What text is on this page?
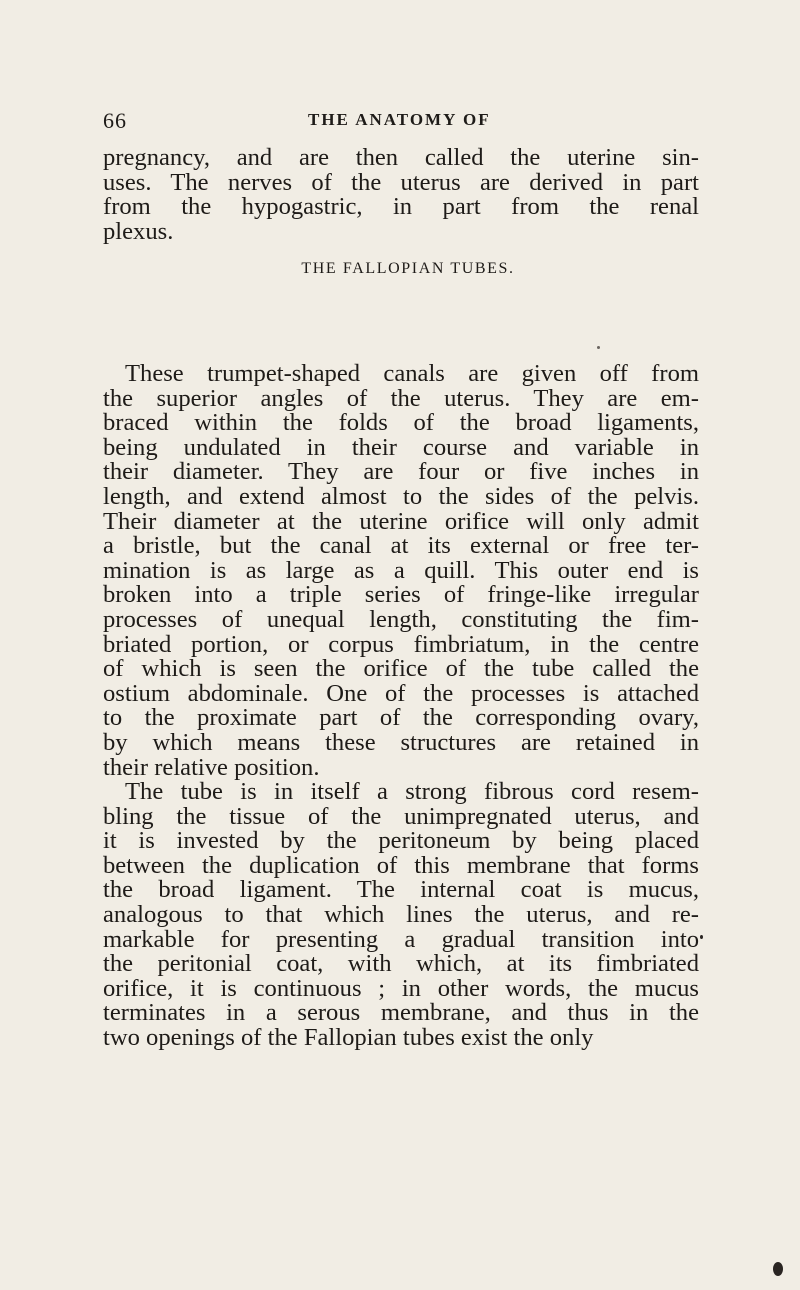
66	THE ANATOMY OF
pregnancy, and are then called the uterine sin-
uses. The nerves of the uterus are derived in part
from the hypogastric, in part from the renal
plexus.
THE FALLOPIAN TUBES.
These trumpet-shaped canals are given off from
the superior angles of the uterus. They are em-
braced within the folds of the broad ligaments,
being undulated in their course and variable in
their diameter. They are four or five inches in
length, and extend almost to the sides of the pelvis.
Their diameter at the uterine orifice will only admit
a bristle, but the canal at its external or free ter-
mination is as large as a quill. This outer end is
broken into a triple series of fringe-like irregular
processes of unequal length, constituting the fim-
briated portion, or corpus fimbriatum, in the centre
of which is seen the orifice of the tube called the
ostium abdominale. One of the processes is attached
to the proximate part of the corresponding ovary,
by which means these structures are retained in
their relative position.
The tube is in itself a strong fibrous cord resem-
bling the tissue of the unimpregnated uterus, and
it is invested by the peritoneum by being placed
between the duplication of this membrane that forms
the broad ligament. The internal coat is mucus,
analogous to that which lines the uterus, and re-
markable for presenting a gradual transition into
the peritonial coat, with which, at its fimbriated
orifice, it is continuous ; in other words, the mucus
terminates in a serous membrane, and thus in the
two openings of the Fallopian tubes exist the only
